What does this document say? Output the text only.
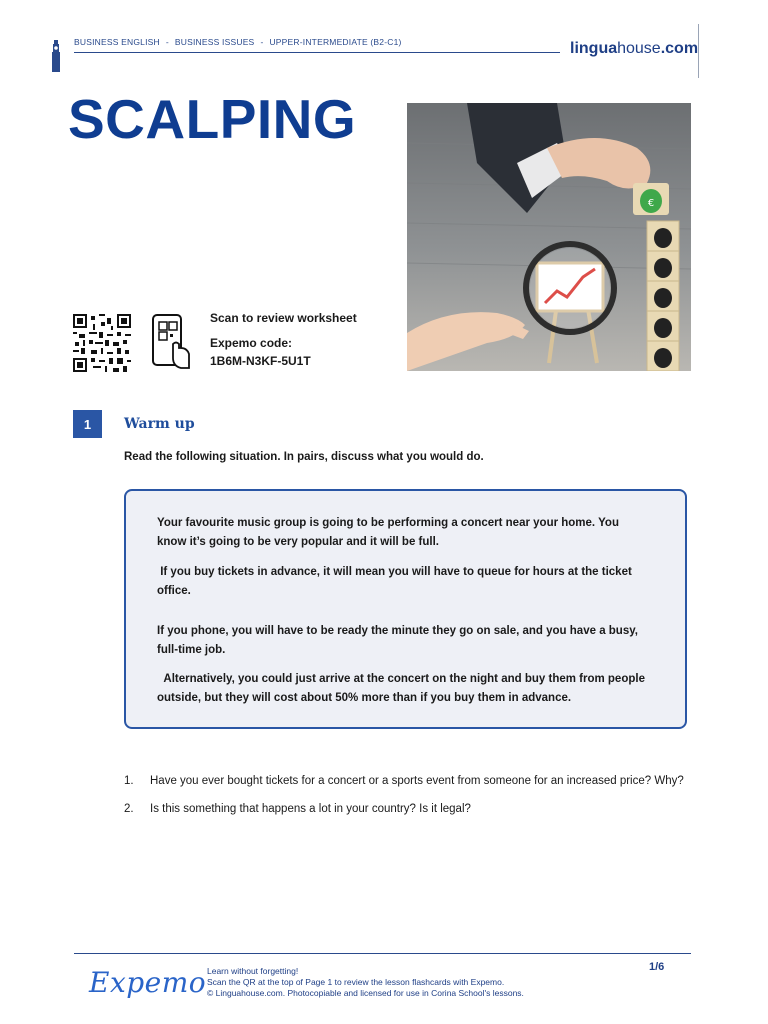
BUSINESS ENGLISH - BUSINESS ISSUES - UPPER-INTERMEDIATE (B2-C1)	linguahouse.com
SCALPING
€
Scan to review worksheet
Expemo code:
1B6M-N3KF-5U1T
1	Warm up
Read the following situation. In pairs, discuss what you would do.
Your favourite music group is going to be performing a concert near your home. You know it’s going to be very popular and it will be full.
If you buy tickets in advance, it will mean you will have to queue for hours at the ticket office.
If you phone, you will have to be ready the minute they go on sale, and you have a busy, full-time job.
Alternatively, you could just arrive at the concert on the night and buy them from people outside, but they will cost about 50% more than if you buy them in advance.
1.	Have you ever bought tickets for a concert or a sports event from someone for an increased price? Why?
2.	Is this something that happens a lot in your country? Is it legal?
Expemo Learn without forgetting!
Scan the QR at the top of Page 1 to review the lesson flashcards with Expemo.
© Linguahouse.com. Photocopiable and licensed for use in Corina School's lessons.
1/6
